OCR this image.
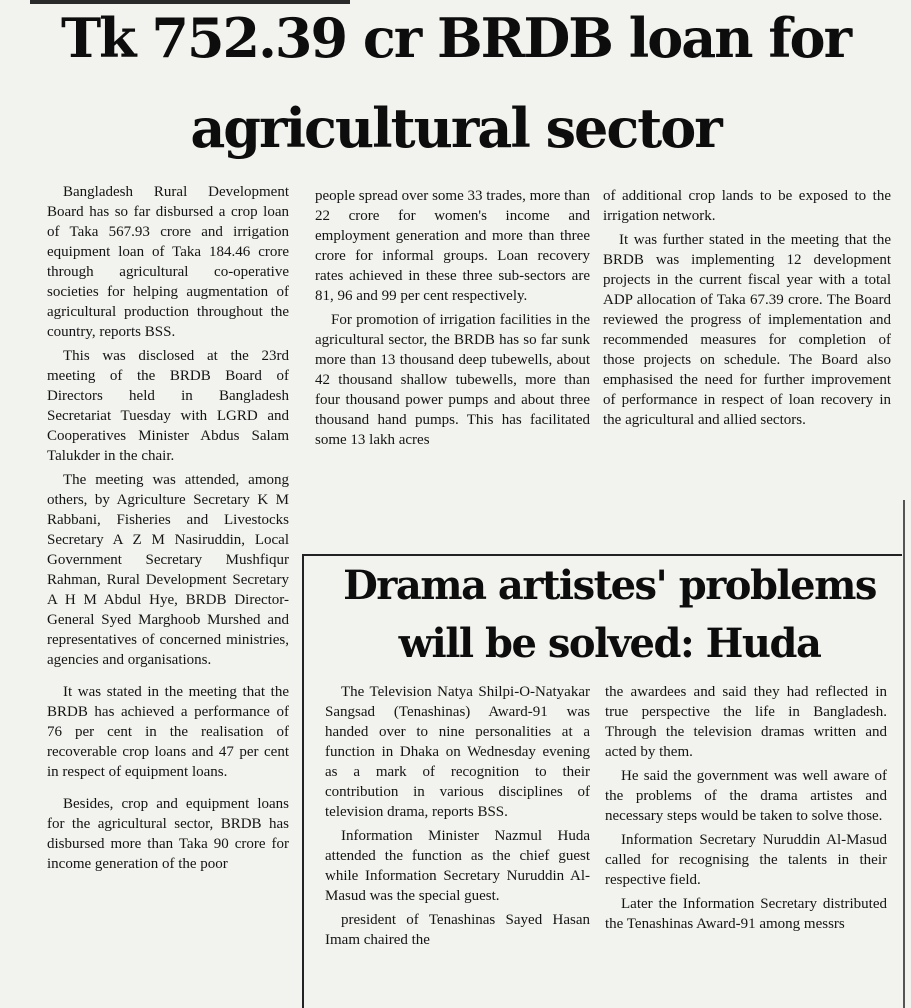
Tk 752.39 cr BRDB loan for
agricultural sector

Bangladesh Rural Development Board has so far disbursed a crop loan of Taka 567.93 crore and irrigation equipment loan of Taka 184.46 crore through agricultural co-operative societies for helping augmentation of agricultural production throughout the country, reports BSS.

This was disclosed at the 23rd meeting of the BRDB Board of Directors held in Bangladesh Secretariat Tuesday with LGRD and Cooperatives Minister Abdus Salam Talukder in the chair.

The meeting was attended, among others, by Agriculture Secretary K M Rabbani, Fisheries and Livestocks Secretary A Z M Nasiruddin, Local Government Secretary Mushfiqur Rahman, Rural Development Secretary A H M Abdul Hye, BRDB Director-General Syed Marghoob Murshed and representatives of concerned ministries, agencies and organisations.

It was stated in the meeting that the BRDB has achieved a performance of 76 per cent in the realisation of recoverable crop loans and 47 per cent in respect of equipment loans.

Besides, crop and equipment loans for the agricultural sector, BRDB has disbursed more than Taka 90 crore for income generation of the poor

people spread over some 33 trades, more than 22 crore for women's income and employment generation and more than three crore for informal groups. Loan recovery rates achieved in these three sub-sectors are 81, 96 and 99 per cent respectively.

For promotion of irrigation facilities in the agricultural sector, the BRDB has so far sunk more than 13 thousand deep tubewells, about 42 thousand shallow tubewells, more than four thousand power pumps and about three thousand hand pumps. This has facilitated some 13 lakh acres

of additional crop lands to be exposed to the irrigation network.

It was further stated in the meeting that the BRDB was implementing 12 development projects in the current fiscal year with a total ADP allocation of Taka 67.39 crore. The Board reviewed the progress of implementation and recommended measures for completion of those projects on schedule. The Board also emphasised the need for further improvement of performance in respect of loan recovery in the agricultural and allied sectors.

Drama artistes' problems
will be solved: Huda

The Television Natya Shilpi-O-Natyakar Sangsad (Tenashinas) Award-91 was handed over to nine personalities at a function in Dhaka on Wednesday evening as a mark of recognition to their contribution in various disciplines of television drama, reports BSS.

Information Minister Nazmul Huda attended the function as the chief guest while Information Secretary Nuruddin Al-Masud was the special guest.

president of Tenashinas Sayed Hasan Imam chaired the

the awardees and said they had reflected in true perspective the life in Bangladesh. Through the television dramas written and acted by them.

He said the government was well aware of the problems of the drama artistes and necessary steps would be taken to solve those.

Information Secretary Nuruddin Al-Masud called for recognising the talents in their respective field.

Later the Information Secretary distributed the Tenashinas Award-91 among messrs
